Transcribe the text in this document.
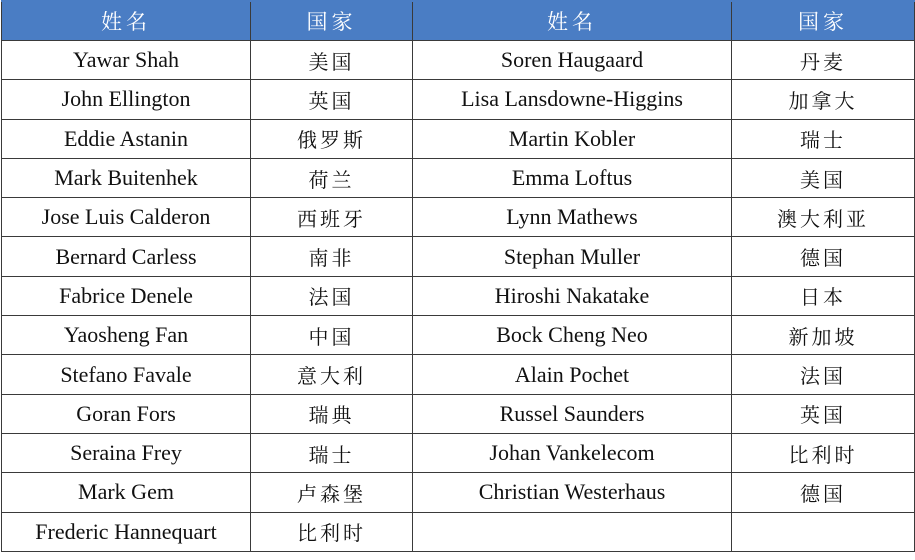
姓名	国家	姓名	国家
Yawar Shah	美国	Soren Haugaard	丹麦
John Ellington	英国	Lisa Lansdowne-Higgins	加拿大
Eddie Astanin	俄罗斯	Martin Kobler	瑞士
Mark Buitenhek	荷兰	Emma Loftus	美国
Jose Luis Calderon	西班牙	Lynn Mathews	澳大利亚
Bernard Carless	南非	Stephan Muller	德国
Fabrice Denele	法国	Hiroshi Nakatake	日本
Yaosheng Fan	中国	Bock Cheng Neo	新加坡
Stefano Favale	意大利	Alain Pochet	法国
Goran Fors	瑞典	Russel Saunders	英国
Seraina Frey	瑞士	Johan Vankelecom	比利时
Mark Gem	卢森堡	Christian Westerhaus	德国
Frederic Hannequart	比利时		
